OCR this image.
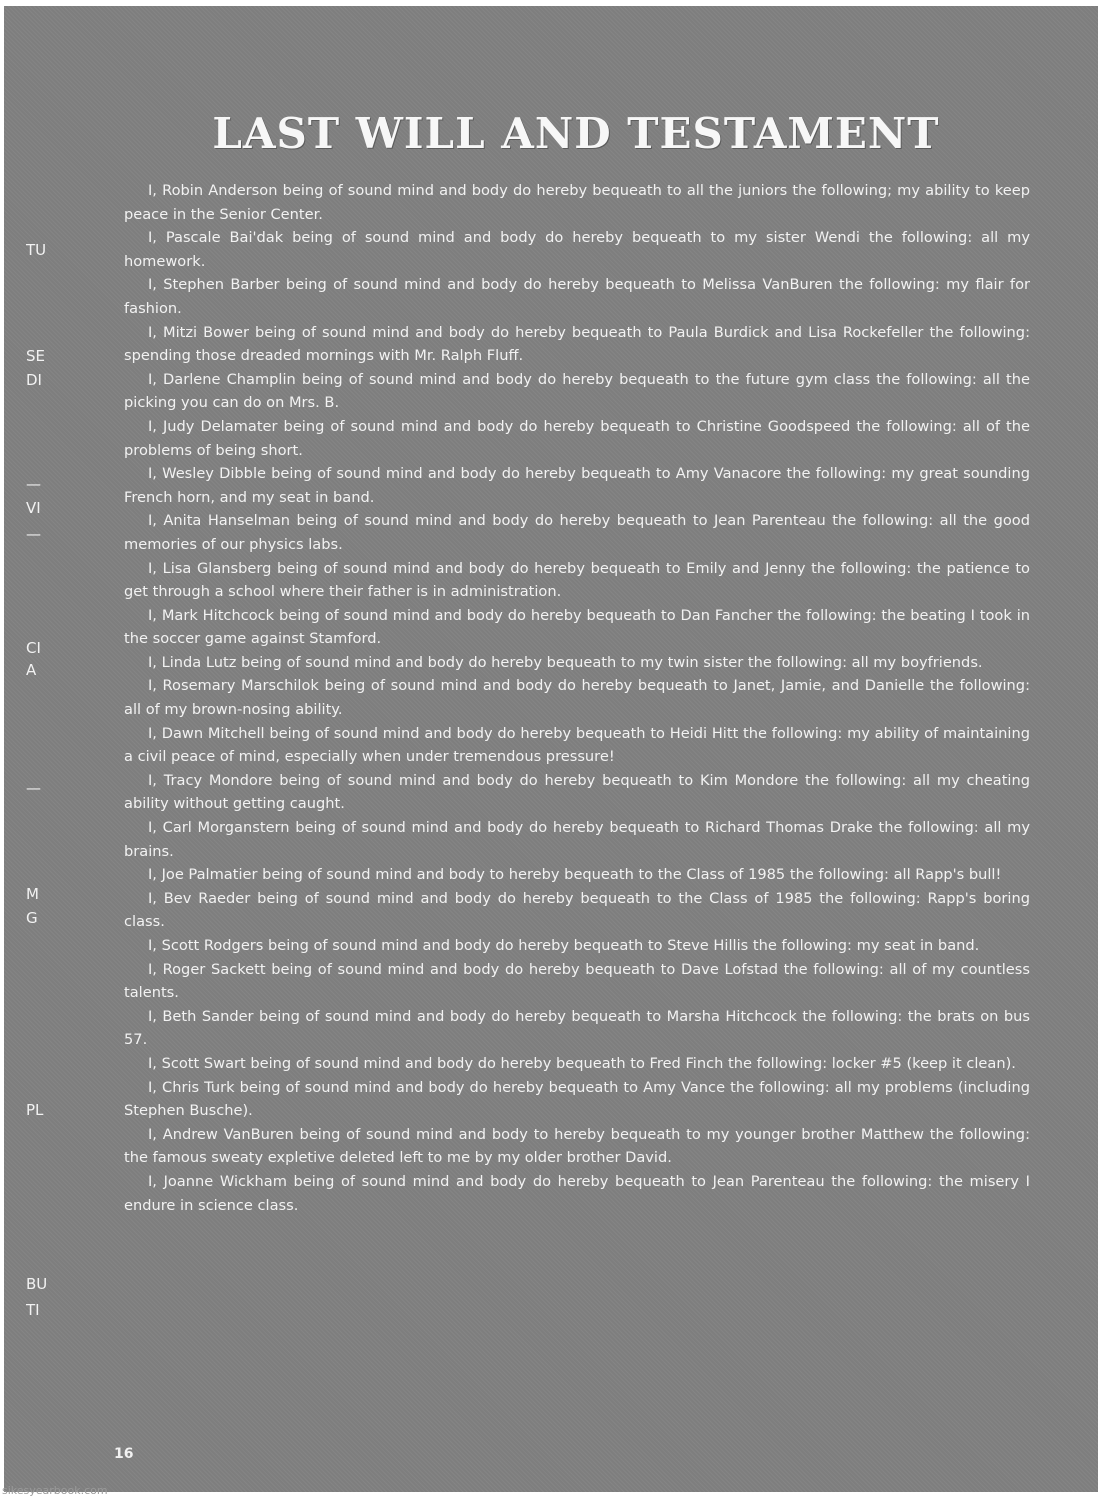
TU
SE
DI
—
VI
—
CI
A
—
M
G
PL
BU
TI
LAST WILL AND TESTAMENT
I, Robin Anderson being of sound mind and body do hereby bequeath to all the juniors the following; my ability to keep peace in the Senior Center.
I, Pascale Bai'dak being of sound mind and body do hereby bequeath to my sister Wendi the following: all my homework.
I, Stephen Barber being of sound mind and body do hereby bequeath to Melissa VanBuren the following: my flair for fashion.
I, Mitzi Bower being of sound mind and body do hereby bequeath to Paula Burdick and Lisa Rockefeller the following: spending those dreaded mornings with Mr. Ralph Fluff.
I, Darlene Champlin being of sound mind and body do hereby bequeath to the future gym class the following: all the picking you can do on Mrs. B.
I, Judy Delamater being of sound mind and body do hereby bequeath to Christine Goodspeed the following: all of the problems of being short.
I, Wesley Dibble being of sound mind and body do hereby bequeath to Amy Vanacore the following: my great sounding French horn, and my seat in band.
I, Anita Hanselman being of sound mind and body do hereby bequeath to Jean Parenteau the following: all the good memories of our physics labs.
I, Lisa Glansberg being of sound mind and body do hereby bequeath to Emily and Jenny the following: the patience to get through a school where their father is in administration.
I, Mark Hitchcock being of sound mind and body do hereby bequeath to Dan Fancher the following: the beating I took in the soccer game against Stamford.
I, Linda Lutz being of sound mind and body do hereby bequeath to my twin sister the following: all my boyfriends.
I, Rosemary Marschilok being of sound mind and body do hereby bequeath to Janet, Jamie, and Danielle the following: all of my brown-nosing ability.
I, Dawn Mitchell being of sound mind and body do hereby bequeath to Heidi Hitt the following: my ability of maintaining a civil peace of mind, especially when under tremendous pressure!
I, Tracy Mondore being of sound mind and body do hereby bequeath to Kim Mondore the following: all my cheating ability without getting caught.
I, Carl Morganstern being of sound mind and body do hereby bequeath to Richard Thomas Drake the following: all my brains.
I, Joe Palmatier being of sound mind and body to hereby bequeath to the Class of 1985 the following: all Rapp's bull!
I, Bev Raeder being of sound mind and body do hereby bequeath to the Class of 1985 the following: Rapp's boring class.
I, Scott Rodgers being of sound mind and body do hereby bequeath to Steve Hillis the following: my seat in band.
I, Roger Sackett being of sound mind and body do hereby bequeath to Dave Lofstad the following: all of my countless talents.
I, Beth Sander being of sound mind and body do hereby bequeath to Marsha Hitchcock the following: the brats on bus 57.
I, Scott Swart being of sound mind and body do hereby bequeath to Fred Finch the following: locker #5 (keep it clean).
I, Chris Turk being of sound mind and body do hereby bequeath to Amy Vance the following: all my problems (including Stephen Busche).
I, Andrew VanBuren being of sound mind and body to hereby bequeath to my younger brother Matthew the following: the famous sweaty expletive deleted left to me by my older brother David.
I, Joanne Wickham being of sound mind and body do hereby bequeath to Jean Parenteau the following: the misery I endure in science class.
16
sikesyearbook.com
